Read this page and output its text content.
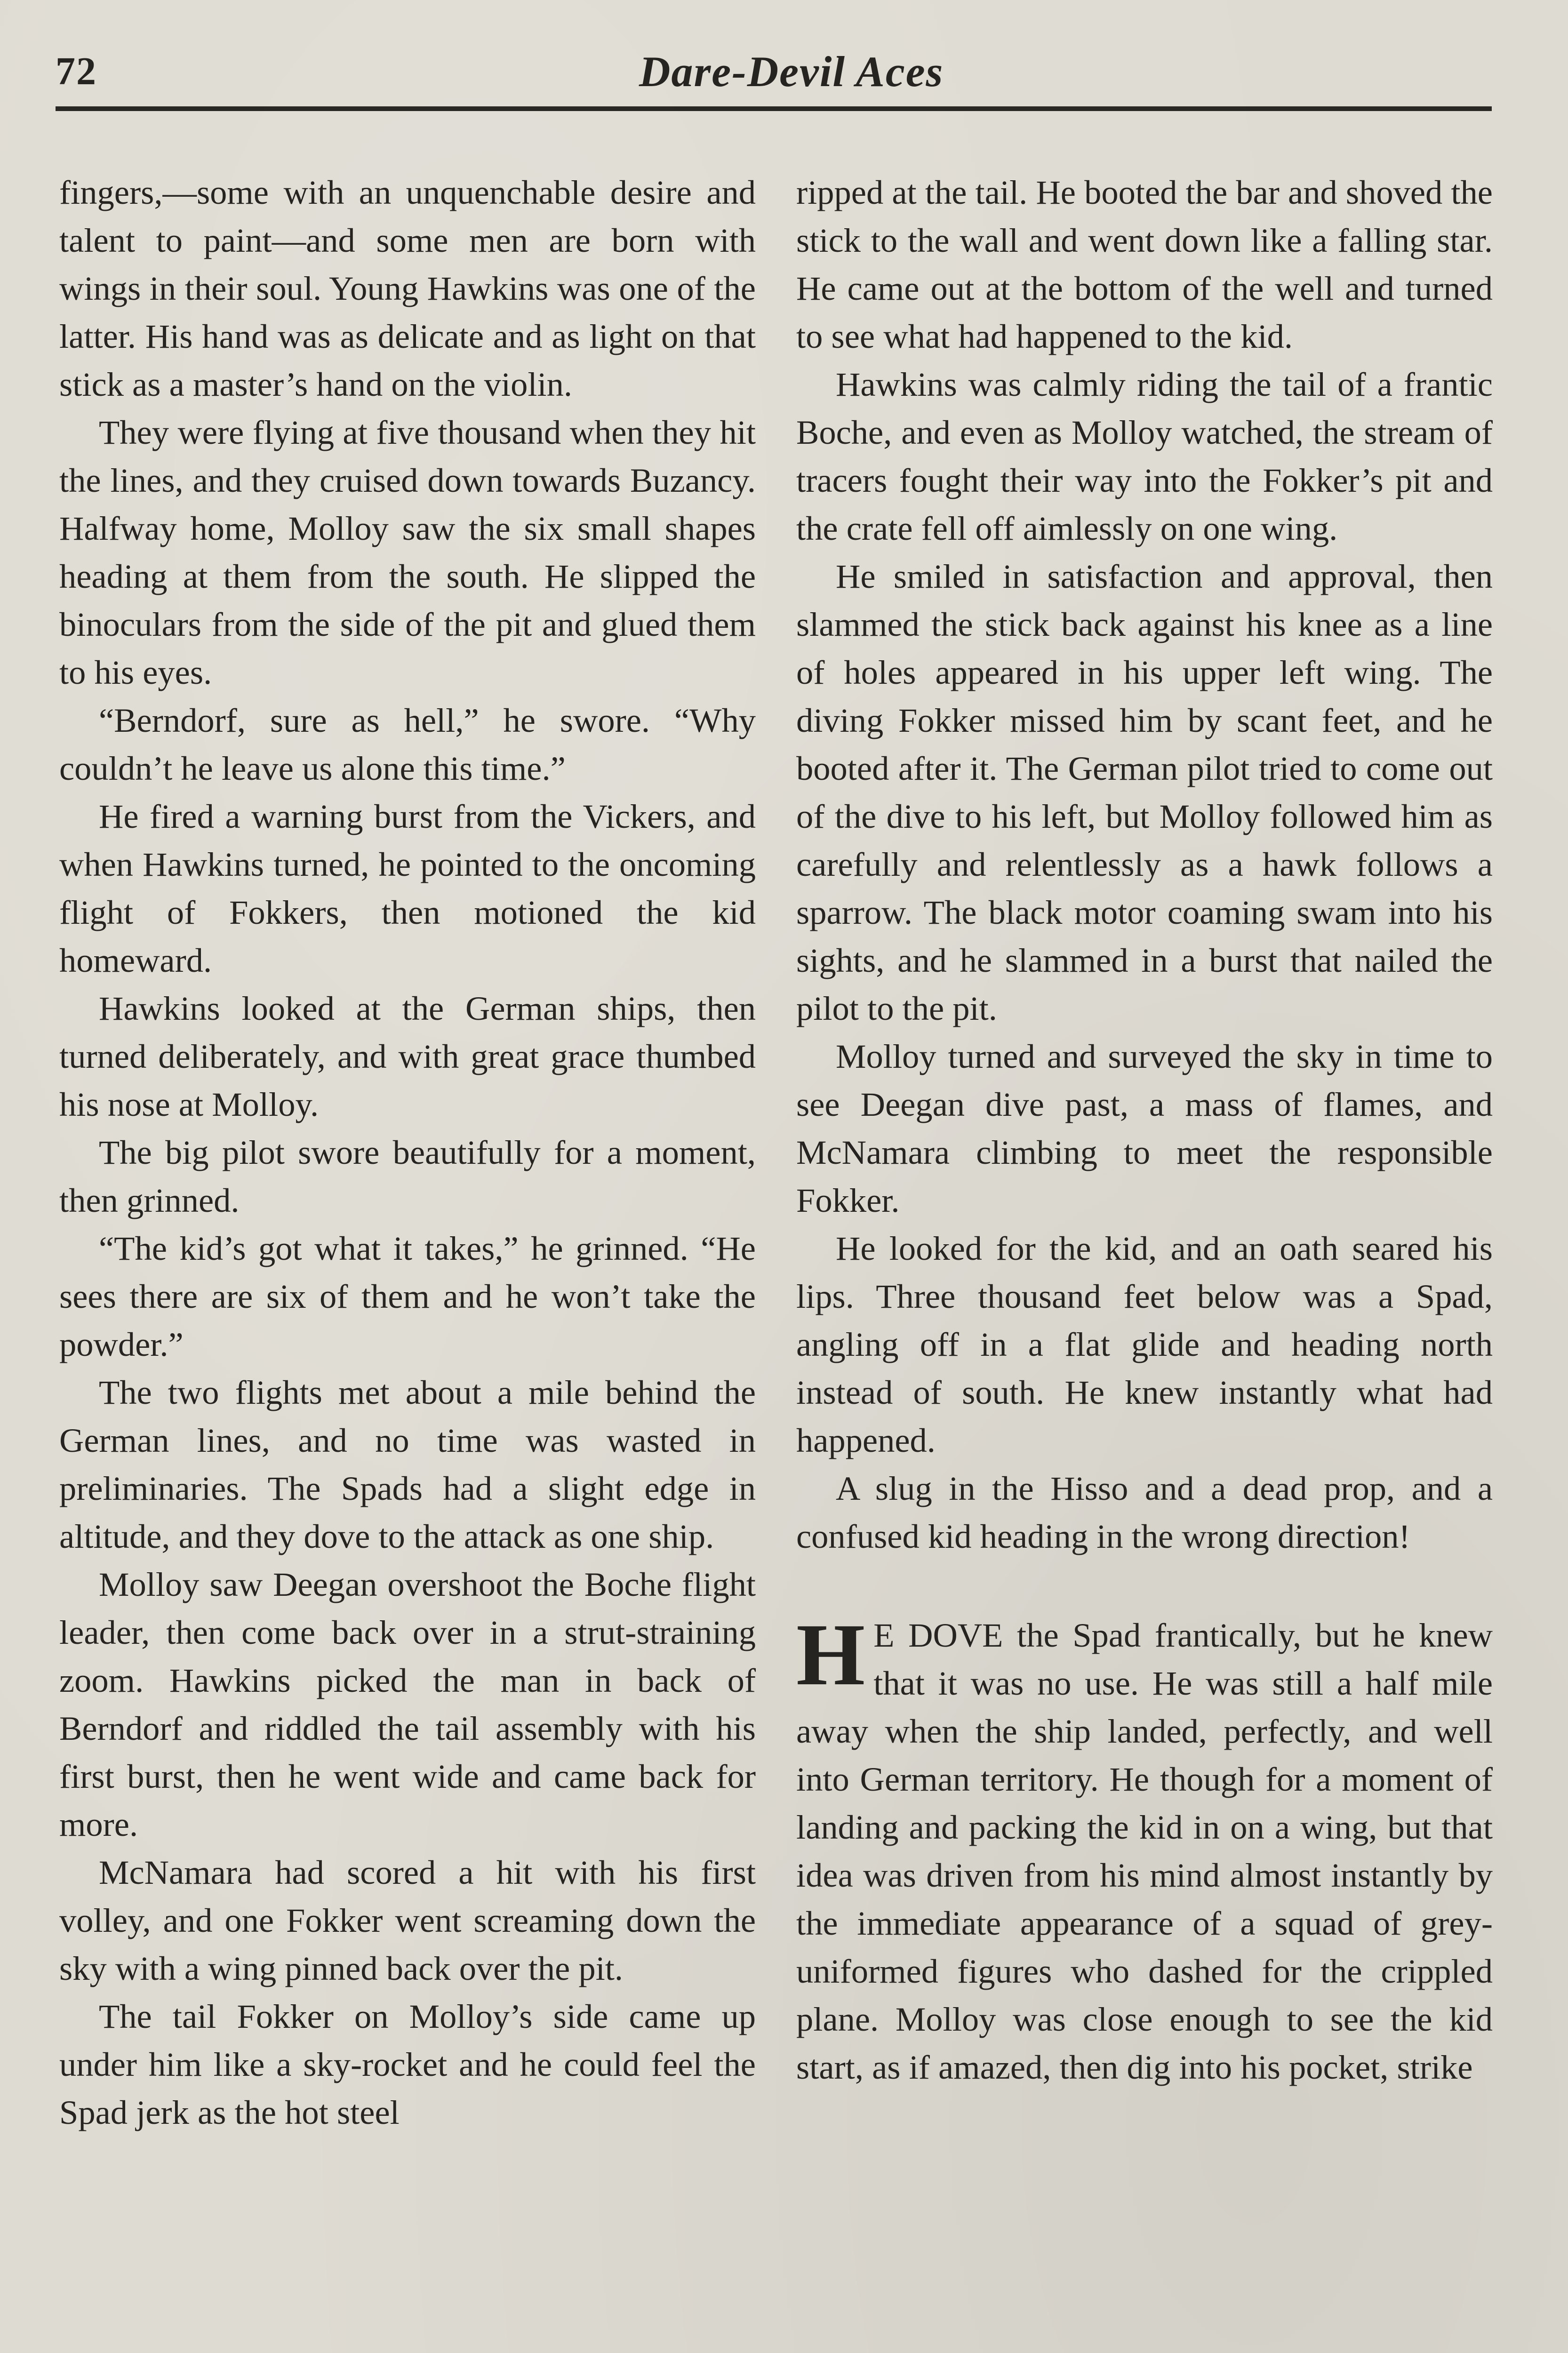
72	Dare-Devil Aces

fingers,—some with an unquenchable desire and talent to paint—and some men are born with wings in their soul. Young Hawkins was one of the latter. His hand was as delicate and as light on that stick as a master’s hand on the violin.

They were flying at five thousand when they hit the lines, and they cruised down towards Buzancy. Halfway home, Molloy saw the six small shapes heading at them from the south. He slipped the binoculars from the side of the pit and glued them to his eyes.

“Berndorf, sure as hell,” he swore. “Why couldn’t he leave us alone this time.”

He fired a warning burst from the Vickers, and when Hawkins turned, he pointed to the oncoming flight of Fokkers, then motioned the kid homeward.

Hawkins looked at the German ships, then turned deliberately, and with great grace thumbed his nose at Molloy.

The big pilot swore beautifully for a moment, then grinned.

“The kid’s got what it takes,” he grinned. “He sees there are six of them and he won’t take the powder.”

The two flights met about a mile behind the German lines, and no time was wasted in preliminaries. The Spads had a slight edge in altitude, and they dove to the attack as one ship.

Molloy saw Deegan overshoot the Boche flight leader, then come back over in a strut-straining zoom. Hawkins picked the man in back of Berndorf and riddled the tail assembly with his first burst, then he went wide and came back for more.

McNamara had scored a hit with his first volley, and one Fokker went screaming down the sky with a wing pinned back over the pit.

The tail Fokker on Molloy’s side came up under him like a sky-rocket and he could feel the Spad jerk as the hot steel

ripped at the tail. He booted the bar and shoved the stick to the wall and went down like a falling star. He came out at the bottom of the well and turned to see what had happened to the kid.

Hawkins was calmly riding the tail of a frantic Boche, and even as Molloy watched, the stream of tracers fought their way into the Fokker’s pit and the crate fell off aimlessly on one wing.

He smiled in satisfaction and approval, then slammed the stick back against his knee as a line of holes appeared in his upper left wing. The diving Fokker missed him by scant feet, and he booted after it. The German pilot tried to come out of the dive to his left, but Molloy followed him as carefully and relentlessly as a hawk follows a sparrow. The black motor coaming swam into his sights, and he slammed in a burst that nailed the pilot to the pit.

Molloy turned and surveyed the sky in time to see Deegan dive past, a mass of flames, and McNamara climbing to meet the responsible Fokker.

He looked for the kid, and an oath seared his lips. Three thousand feet below was a Spad, angling off in a flat glide and heading north instead of south. He knew instantly what had happened.

A slug in the Hisso and a dead prop, and a confused kid heading in the wrong direction!

H E DOVE the Spad frantically, but he knew that it was no use. He was still a half mile away when the ship landed, perfectly, and well into German territory. He though for a moment of landing and packing the kid in on a wing, but that idea was driven from his mind almost instantly by the immediate appearance of a squad of grey-uniformed figures who dashed for the crippled plane. Molloy was close enough to see the kid start, as if amazed, then dig into his pocket, strike
